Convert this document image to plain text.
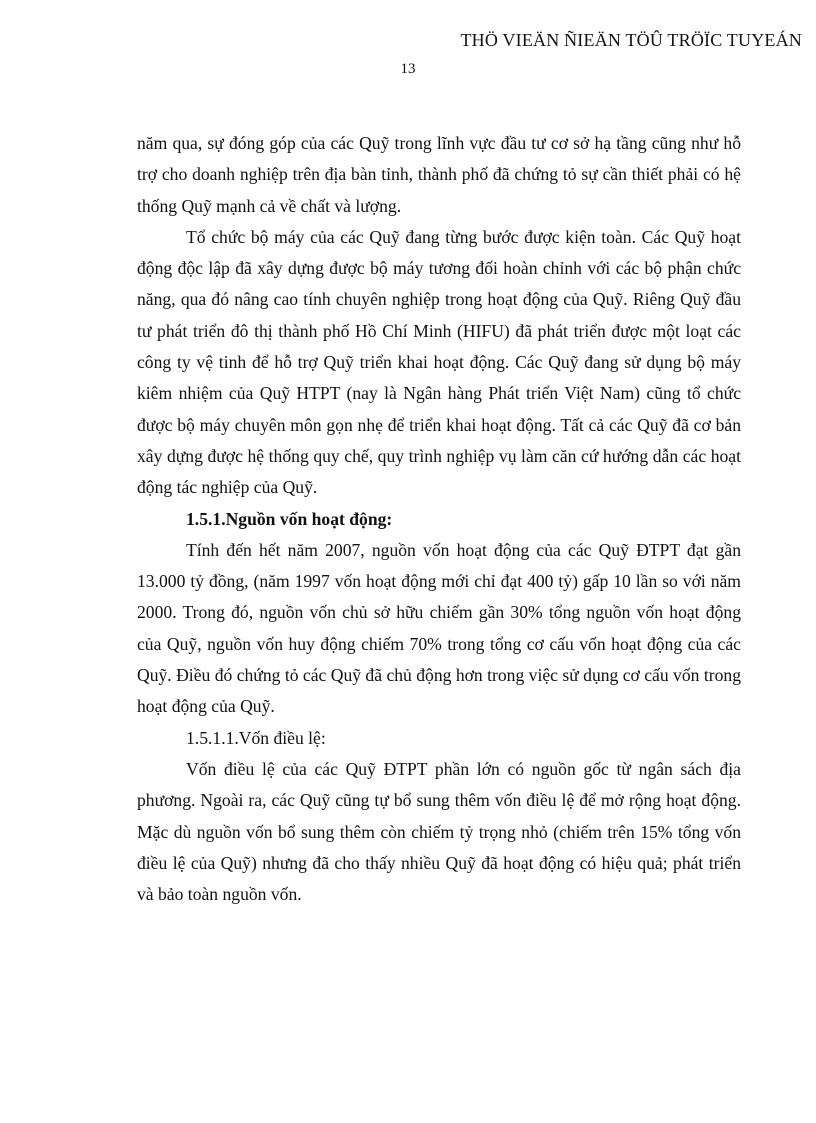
THÖ VIEÄN ÑIEÄN TÖÛ TRÖÏC TUYEÁN
13

năm qua, sự đóng góp của các Quỹ trong lĩnh vực đầu tư cơ sở hạ tầng cũng như hỗ trợ cho doanh nghiệp trên địa bàn tỉnh, thành phố đã chứng tỏ sự cần thiết phải có hệ thống Quỹ mạnh cả về chất và lượng.

Tổ chức bộ máy của các Quỹ đang từng bước được kiện toàn. Các Quỹ hoạt động độc lập đã xây dựng được bộ máy tương đối hoàn chỉnh với các bộ phận chức năng, qua đó nâng cao tính chuyên nghiệp trong hoạt động của Quỹ. Riêng Quỹ đầu tư phát triển đô thị thành phố Hồ Chí Minh (HIFU) đã phát triển được một loạt các công ty vệ tinh để hỗ trợ Quỹ triển khai hoạt động. Các Quỹ đang sử dụng bộ máy kiêm nhiệm của Quỹ HTPT (nay là Ngân hàng Phát triển Việt Nam) cũng tổ chức được bộ máy chuyên môn gọn nhẹ để triển khai hoạt động. Tất cả các Quỹ đã cơ bản xây dựng được hệ thống quy chế, quy trình nghiệp vụ làm căn cứ hướng dẫn các hoạt động tác nghiệp của Quỹ.

1.5.1.Nguồn vốn hoạt động:

Tính đến hết năm 2007, nguồn vốn hoạt động của các Quỹ ĐTPT đạt gần 13.000 tỷ đồng, (năm 1997 vốn hoạt động mới chỉ đạt 400 tỷ) gấp 10 lần so với năm 2000. Trong đó, nguồn vốn chủ sở hữu chiếm gần 30% tổng nguồn vốn hoạt động của Quỹ, nguồn vốn huy động chiếm 70% trong tổng cơ cấu vốn hoạt động của các Quỹ. Điều đó chứng tỏ các Quỹ đã chủ động hơn trong việc sử dụng cơ cấu vốn trong hoạt động của Quỹ.

1.5.1.1.Vốn điều lệ:

Vốn điều lệ của các Quỹ ĐTPT phần lớn có nguồn gốc từ ngân sách địa phương. Ngoài ra, các Quỹ cũng tự bổ sung thêm vốn điều lệ để mở rộng hoạt động. Mặc dù nguồn vốn bổ sung thêm còn chiếm tỷ trọng nhỏ (chiếm trên 15% tổng vốn điều lệ của Quỹ) nhưng đã cho thấy nhiều Quỹ đã hoạt động có hiệu quả; phát triển và bảo toàn nguồn vốn.
